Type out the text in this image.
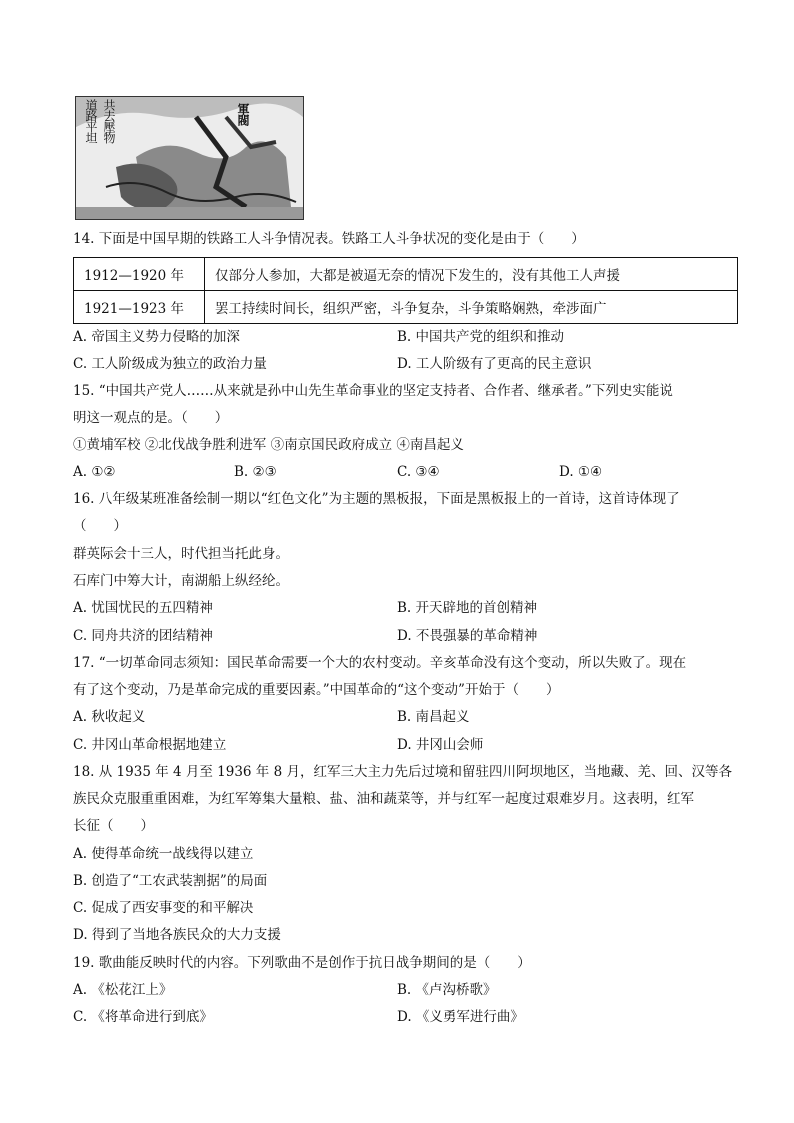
共去壓物
道路平坦
軍閥
14. 下面是中国早期的铁路工人斗争情况表。铁路工人斗争状况的变化是由于（　　）
1912—1920 年	仅部分人参加，大都是被逼无奈的情况下发生的，没有其他工人声援
1921—1923 年	罢工持续时间长，组织严密，斗争复杂，斗争策略娴熟，牵涉面广
A. 帝国主义势力侵略的加深	B. 中国共产党的组织和推动
C. 工人阶级成为独立的政治力量	D. 工人阶级有了更高的民主意识
15. “中国共产党人……从来就是孙中山先生革命事业的坚定支持者、合作者、继承者。”下列史实能说
明这一观点的是。（　　）
①黄埔军校 ②北伐战争胜利进军 ③南京国民政府成立 ④南昌起义
A. ①②	B. ②③	C. ③④	D. ①④
16. 八年级某班准备绘制一期以“红色文化”为主题的黑板报，下面是黑板报上的一首诗，这首诗体现了
（　　）
群英际会十三人，时代担当托此身。
石库门中筹大计，南湖船上纵经纶。
A. 忧国忧民的五四精神	B. 开天辟地的首创精神
C. 同舟共济的团结精神	D. 不畏强暴的革命精神
17. “一切革命同志须知：国民革命需要一个大的农村变动。辛亥革命没有这个变动，所以失败了。现在
有了这个变动，乃是革命完成的重要因素。”中国革命的“这个变动”开始于（　　）
A. 秋收起义	B. 南昌起义
C. 井冈山革命根据地建立	D. 井冈山会师
18. 从 1935 年 4 月至 1936 年 8 月，红军三大主力先后过境和留驻四川阿坝地区，当地藏、羌、回、汉等各
族民众克服重重困难，为红军筹集大量粮、盐、油和蔬菜等，并与红军一起度过艰难岁月。这表明，红军
长征（　　）
A. 使得革命统一战线得以建立
B. 创造了“工农武装割据”的局面
C. 促成了西安事变的和平解决
D. 得到了当地各族民众的大力支援
19. 歌曲能反映时代的内容。下列歌曲不是创作于抗日战争期间的是（　　）
A. 《松花江上》	B. 《卢沟桥歌》
C. 《将革命进行到底》	D. 《义勇军进行曲》
